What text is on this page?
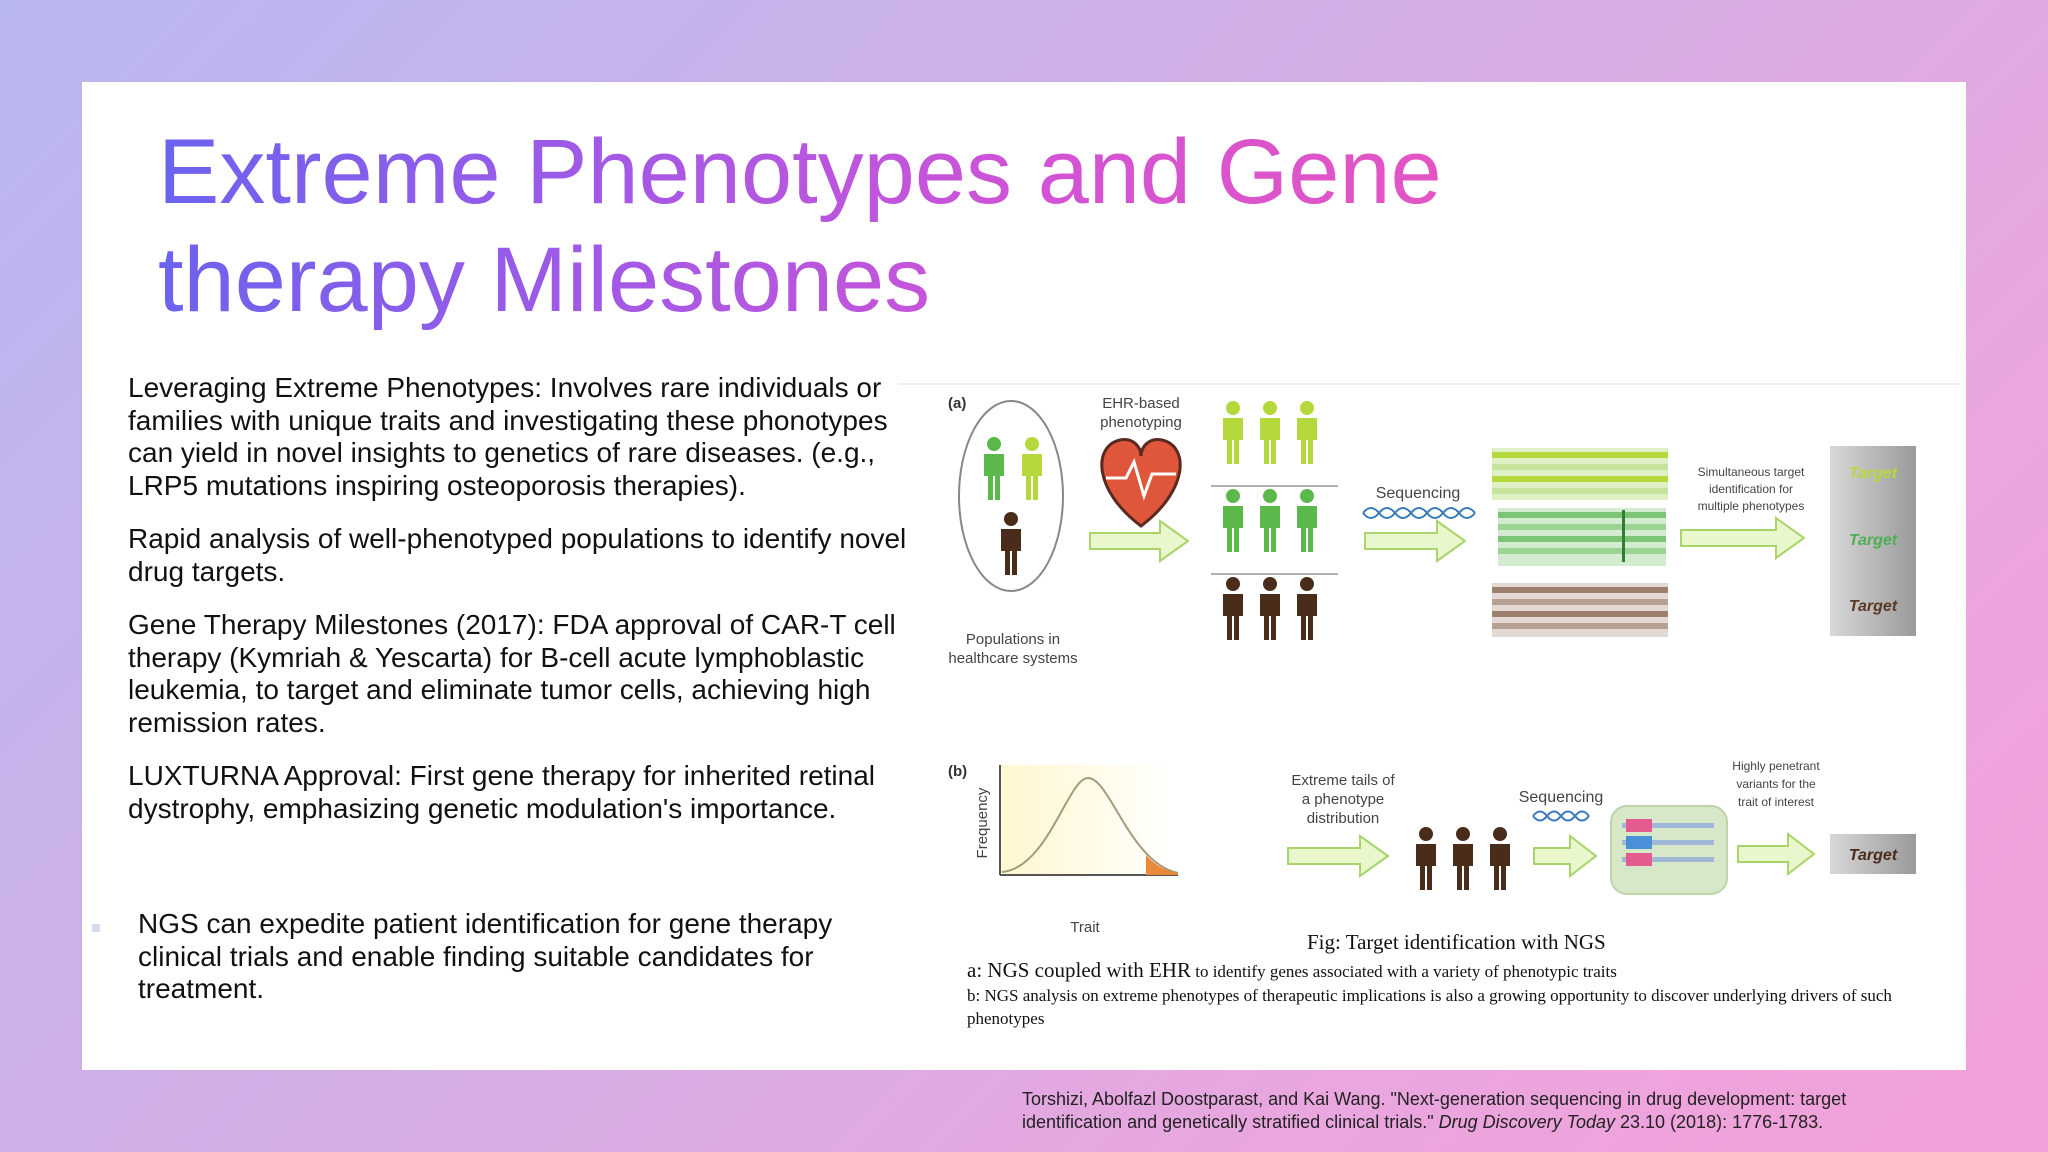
Extreme Phenotypes and Gene
therapy Milestones

Leveraging Extreme Phenotypes: Involves rare individuals or families with unique traits and investigating these phonotypes can yield in novel insights to genetics of rare diseases. (e.g., LRP5 mutations inspiring osteoporosis therapies).

Rapid analysis of well-phenotyped populations to identify novel drug targets.

Gene Therapy Milestones (2017): FDA approval of CAR-T cell therapy (Kymriah & Yescarta) for B-cell acute lymphoblastic leukemia, to target and eliminate tumor cells, achieving high remission rates.

LUXTURNA Approval: First gene therapy for inherited retinal dystrophy, emphasizing genetic modulation's importance.

NGS can expedite patient identification for gene therapy clinical trials and enable finding suitable candidates for treatment.
(a)
Populations in
healthcare systems
EHR-based
phenotyping
Sequencing
Simultaneous target
identification for
multiple phenotypes
Target
Target
Target
(b)
Frequency
Trait
Extreme tails of
a phenotype
distribution
Sequencing
Highly penetrant
variants for the
trait of interest
Target
Fig: Target identification with NGS
a: NGS coupled with EHR to identify genes associated with a variety of phenotypic traits
b: NGS analysis on extreme phenotypes of therapeutic implications is also a growing opportunity to discover underlying drivers of such phenotypes
Torshizi, Abolfazl Doostparast, and Kai Wang. "Next-generation sequencing in drug development: target identification and genetically stratified clinical trials." Drug Discovery Today 23.10 (2018): 1776-1783.
